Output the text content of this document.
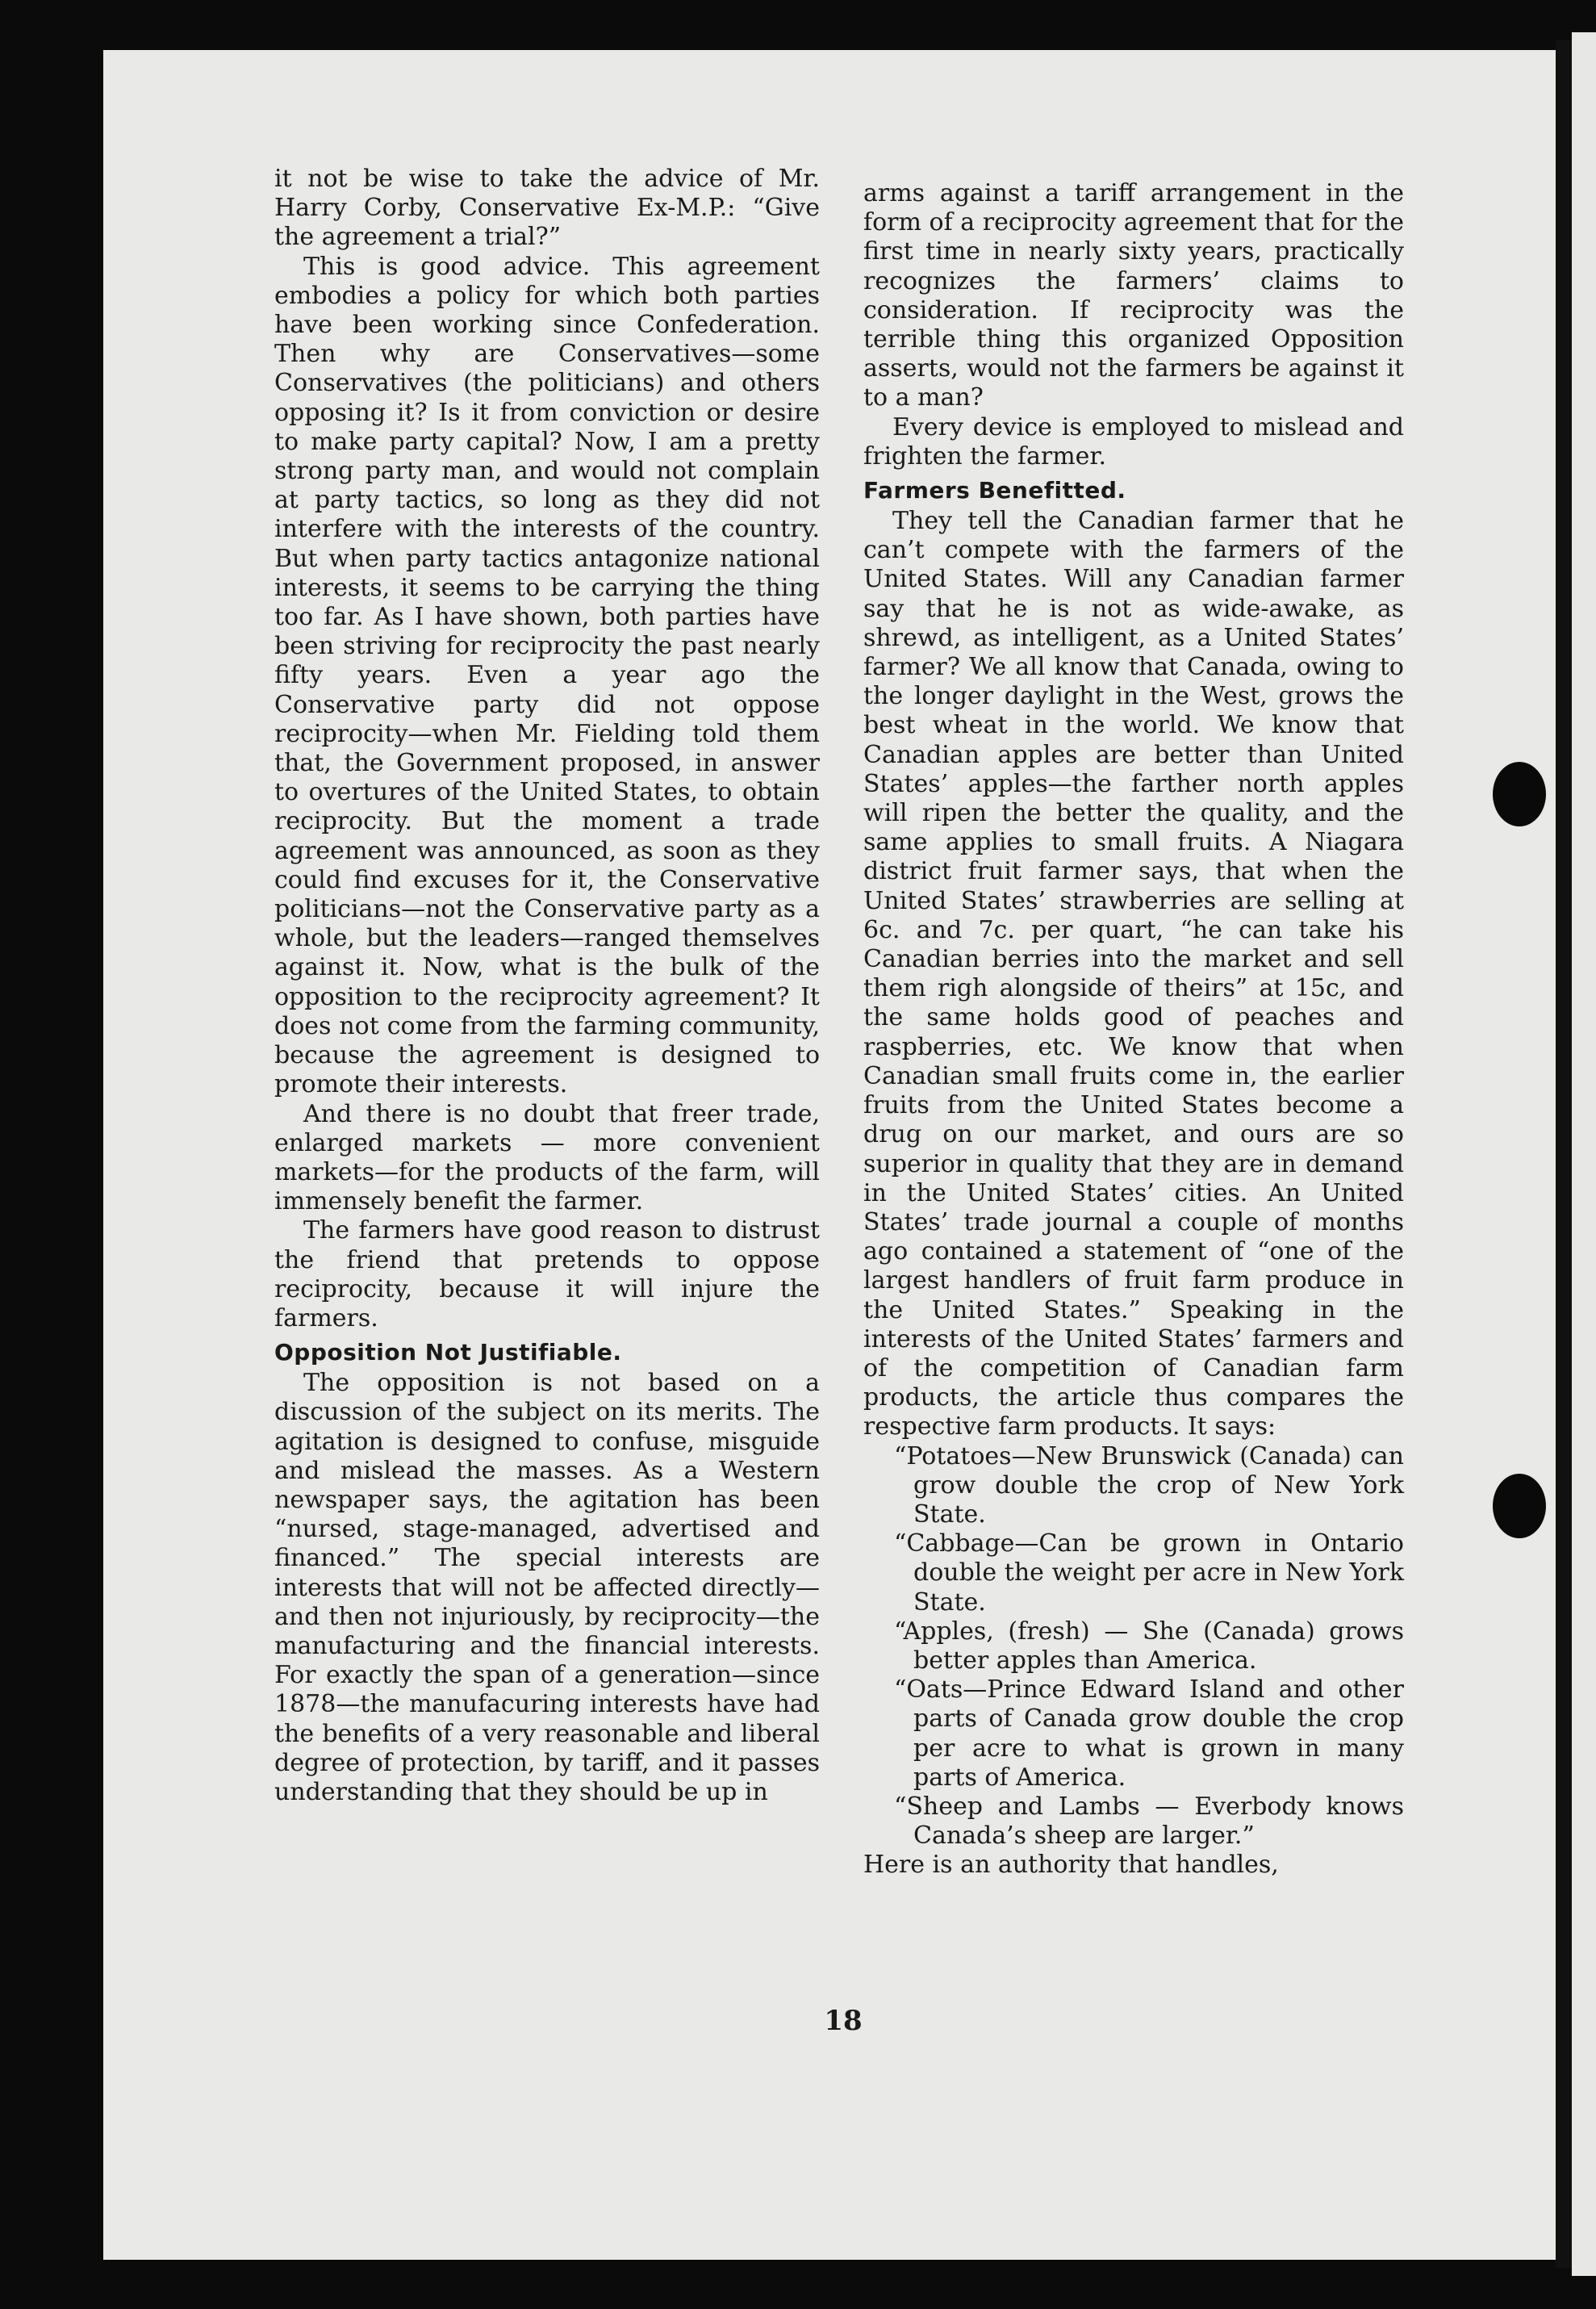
it not be wise to take the advice of Mr. Harry Corby, Conservative Ex-M.P.: “Give the agreement a trial?”

This is good advice. This agreement embodies a policy for which both parties have been working since Confederation. Then why are Conservatives—some Conservatives (the politicians) and others opposing it? Is it from conviction or desire to make party capital? Now, I am a pretty strong party man, and would not complain at party tactics, so long as they did not interfere with the interests of the country. But when party tactics antagonize national interests, it seems to be carrying the thing too far. As I have shown, both parties have been striving for reciprocity the past nearly fifty years. Even a year ago the Conservative party did not oppose reciprocity—when Mr. Fielding told them that, the Government proposed, in answer to overtures of the United States, to obtain reciprocity. But the moment a trade agreement was announced, as soon as they could find excuses for it, the Conservative politicians—not the Conservative party as a whole, but the leaders—ranged themselves against it. Now, what is the bulk of the opposition to the reciprocity agreement? It does not come from the farming community, because the agreement is designed to promote their interests.

And there is no doubt that freer trade, enlarged markets — more convenient markets—for the products of the farm, will immensely benefit the farmer.

The farmers have good reason to distrust the friend that pretends to oppose reciprocity, because it will injure the farmers.

Opposition Not Justifiable.

The opposition is not based on a discussion of the subject on its merits. The agitation is designed to confuse, misguide and mislead the masses. As a Western newspaper says, the agitation has been “nursed, stage-managed, advertised and financed.” The special interests are interests that will not be affected directly—and then not injuriously, by reciprocity—the manufacturing and the financial interests. For exactly the span of a generation—since 1878—the manufacuring interests have had the benefits of a very reasonable and liberal degree of protection, by tariff, and it passes understanding that they should be up in

arms against a tariff arrangement in the form of a reciprocity agreement that for the first time in nearly sixty years, practically recognizes the farmers’ claims to consideration. If reciprocity was the terrible thing this organized Opposition asserts, would not the farmers be against it to a man?

Every device is employed to mislead and frighten the farmer.

Farmers Benefitted.

They tell the Canadian farmer that he can’t compete with the farmers of the United States. Will any Canadian farmer say that he is not as wide-awake, as shrewd, as intelligent, as a United States’ farmer? We all know that Canada, owing to the longer daylight in the West, grows the best wheat in the world. We know that Canadian apples are better than United States’ apples—the farther north apples will ripen the better the quality, and the same applies to small fruits. A Niagara district fruit farmer says, that when the United States’ strawberries are selling at 6c. and 7c. per quart, “he can take his Canadian berries into the market and sell them righ alongside of theirs” at 15c, and the same holds good of peaches and raspberries, etc. We know that when Canadian small fruits come in, the earlier fruits from the United States become a drug on our market, and ours are so superior in quality that they are in demand in the United States’ cities. An United States’ trade journal a couple of months ago contained a statement of “one of the largest handlers of fruit farm produce in the United States.” Speaking in the interests of the United States’ farmers and of the competition of Canadian farm products, the article thus compares the respective farm products. It says:

“Potatoes—New Brunswick (Canada) can grow double the crop of New York State.

“Cabbage—Can be grown in Ontario double the weight per acre in New York State.

“Apples, (fresh) — She (Canada) grows better apples than America.

“Oats—Prince Edward Island and other parts of Canada grow double the crop per acre to what is grown in many parts of America.

“Sheep and Lambs — Everbody knows Canada’s sheep are larger.”

Here is an authority that handles,

18
